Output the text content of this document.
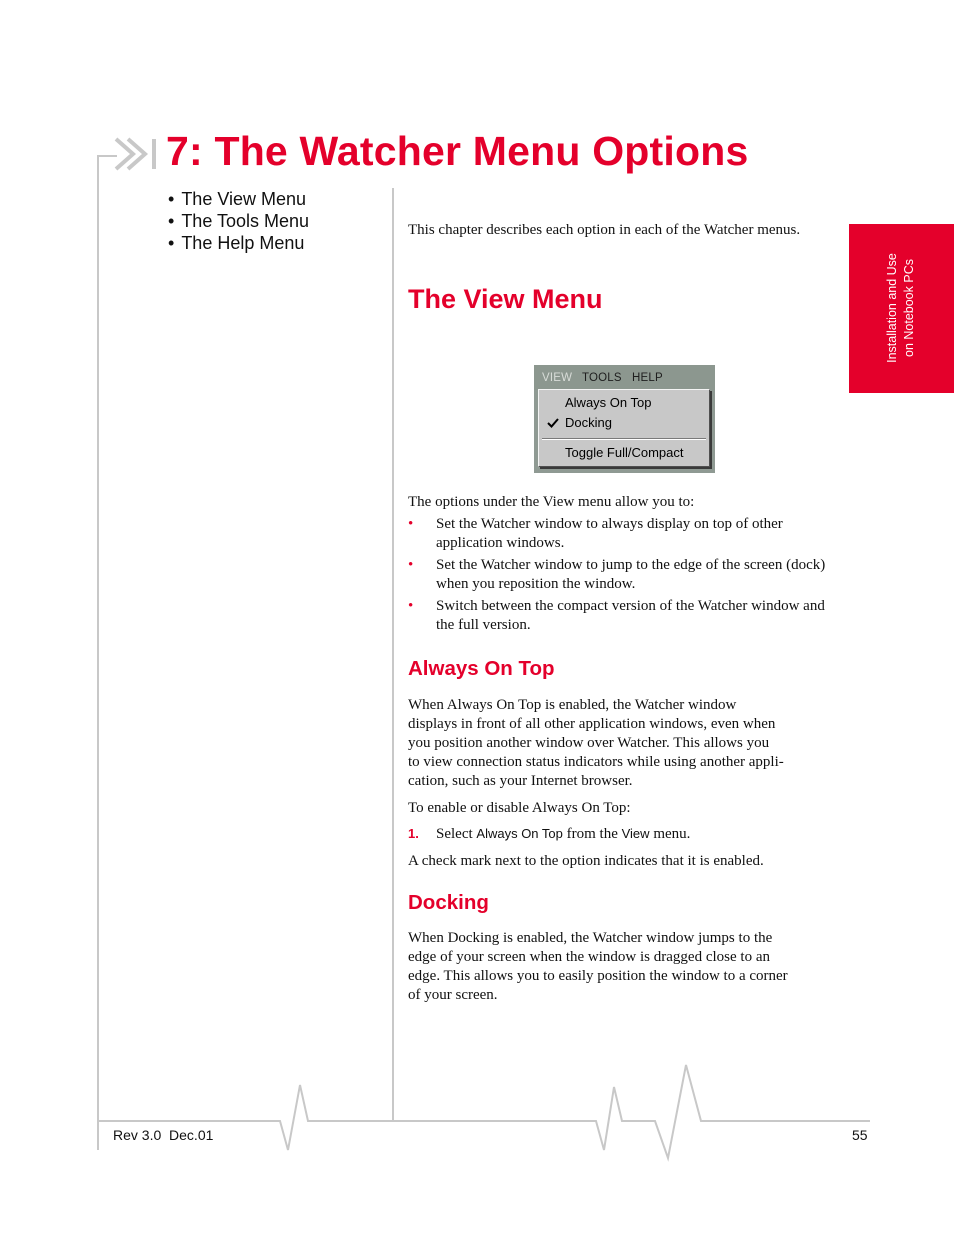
7: The Watcher Menu Options
• The View Menu
• The Tools Menu
• The Help Menu
Installation and Use on Notebook PCs

This chapter describes each option in each of the Watcher menus.

The View Menu
VIEW TOOLS HELP
Always On Top
Docking
Toggle Full/Compact

The options under the View menu allow you to:

• Set the Watcher window to always display on top of other application windows.
• Set the Watcher window to jump to the edge of the screen (dock) when you reposition the window.
• Switch between the compact version of the Watcher window and the full version.
Always On Top
When Always On Top is enabled, the Watcher window
displays in front of all other application windows, even when
you position another window over Watcher. This allows you
to view connection status indicators while using another appli-
cation, such as your Internet browser.

To enable or disable Always On Top:

1. Select Always On Top from the View menu.

A check mark next to the option indicates that it is enabled.

Docking
When Docking is enabled, the Watcher window jumps to the
edge of your screen when the window is dragged close to an
edge. This allows you to easily position the window to a corner
of your screen.
Rev 3.0  Dec.01	55
